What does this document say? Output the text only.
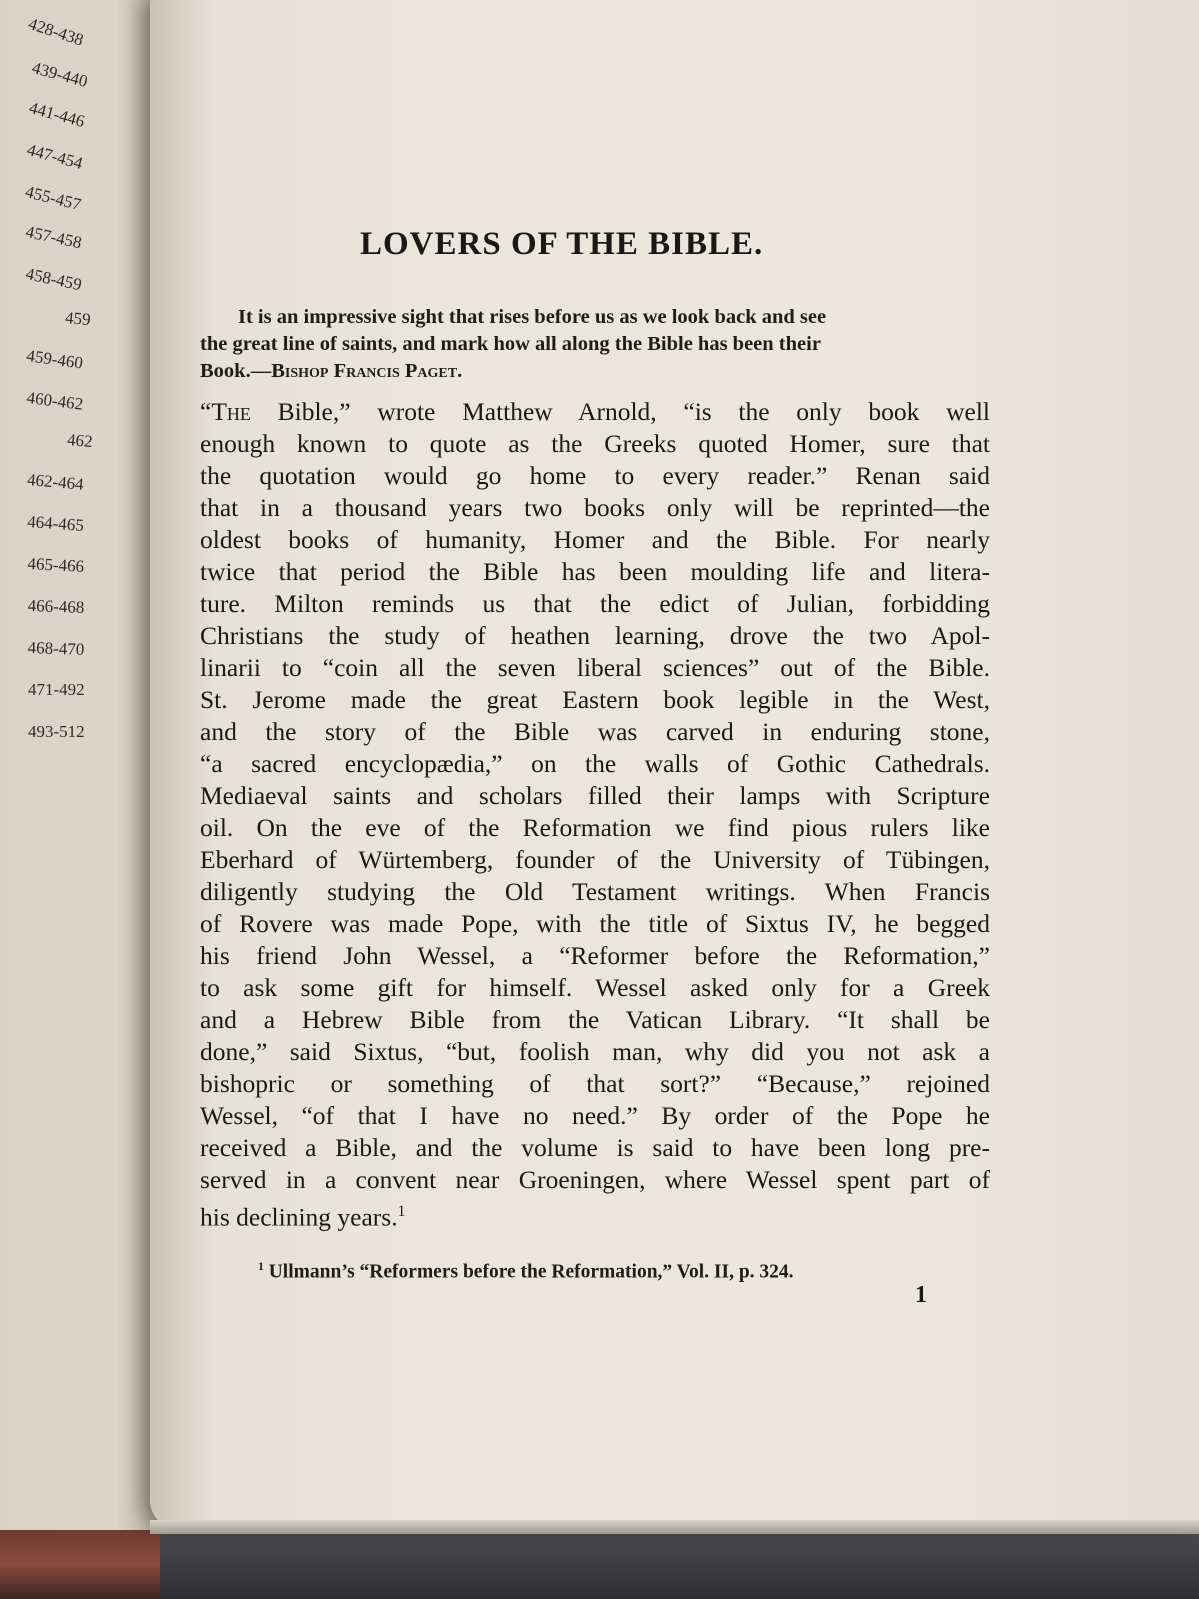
428-438
439-440
441-446
447-454
455-457
457-458
458-459
459
459-460
460-462
462
462-464
464-465
465-466
466-468
468-470
471-492
493-512
LOVERS OF THE BIBLE.
It is an impressive sight that rises before us as we look back and see
the great line of saints, and mark how all along the Bible has been their
Book.—Bishop Francis Paget.
“The Bible,” wrote Matthew Arnold, “is the only book well
enough known to quote as the Greeks quoted Homer, sure that
the quotation would go home to every reader.” Renan said
that in a thousand years two books only will be reprinted—the
oldest books of humanity, Homer and the Bible. For nearly
twice that period the Bible has been moulding life and litera-
ture. Milton reminds us that the edict of Julian, forbidding
Christians the study of heathen learning, drove the two Apol-
linarii to “coin all the seven liberal sciences” out of the Bible.
St. Jerome made the great Eastern book legible in the West,
and the story of the Bible was carved in enduring stone,
“a sacred encyclopædia,” on the walls of Gothic Cathedrals.
Mediaeval saints and scholars filled their lamps with Scripture
oil. On the eve of the Reformation we find pious rulers like
Eberhard of Würtemberg, founder of the University of Tübingen,
diligently studying the Old Testament writings. When Francis
of Rovere was made Pope, with the title of Sixtus IV, he begged
his friend John Wessel, a “Reformer before the Reformation,”
to ask some gift for himself. Wessel asked only for a Greek
and a Hebrew Bible from the Vatican Library. “It shall be
done,” said Sixtus, “but, foolish man, why did you not ask a
bishopric or something of that sort?” “Because,” rejoined
Wessel, “of that I have no need.” By order of the Pope he
received a Bible, and the volume is said to have been long pre-
served in a convent near Groeningen, where Wessel spent part of
his declining years.$^1$
$^1$ Ullmann’s “Reformers before the Reformation,” Vol. II, p. 324.
1
